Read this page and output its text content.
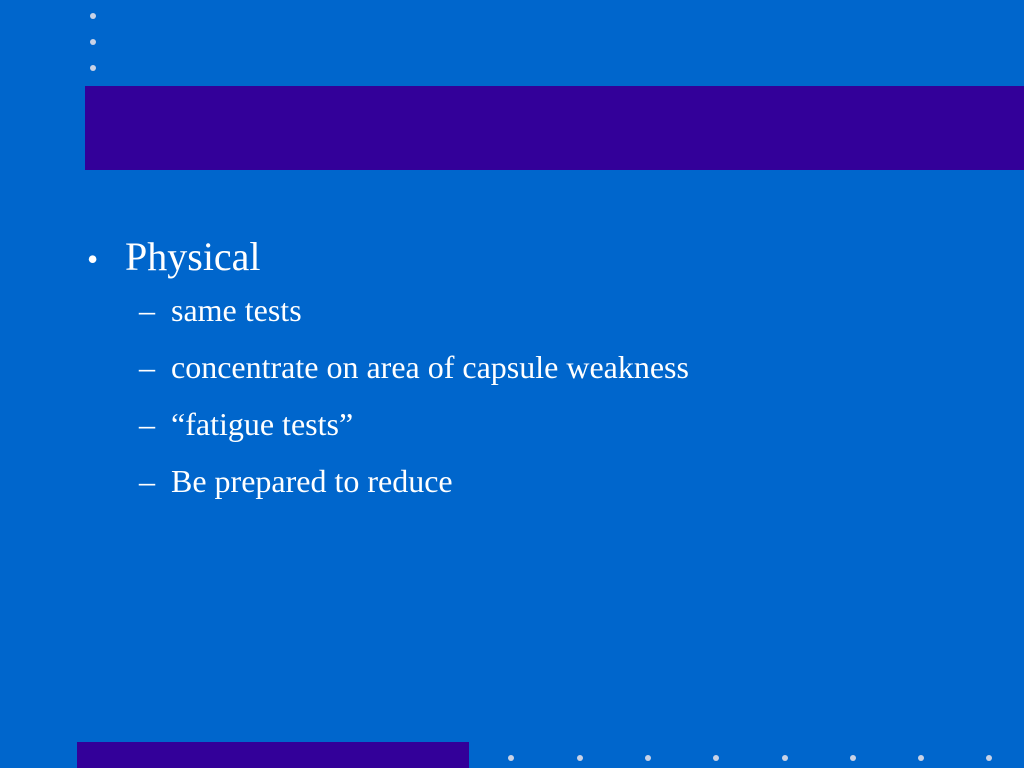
• Physical
– same tests
– concentrate on area of capsule weakness
– “fatigue tests”
– Be prepared to reduce
